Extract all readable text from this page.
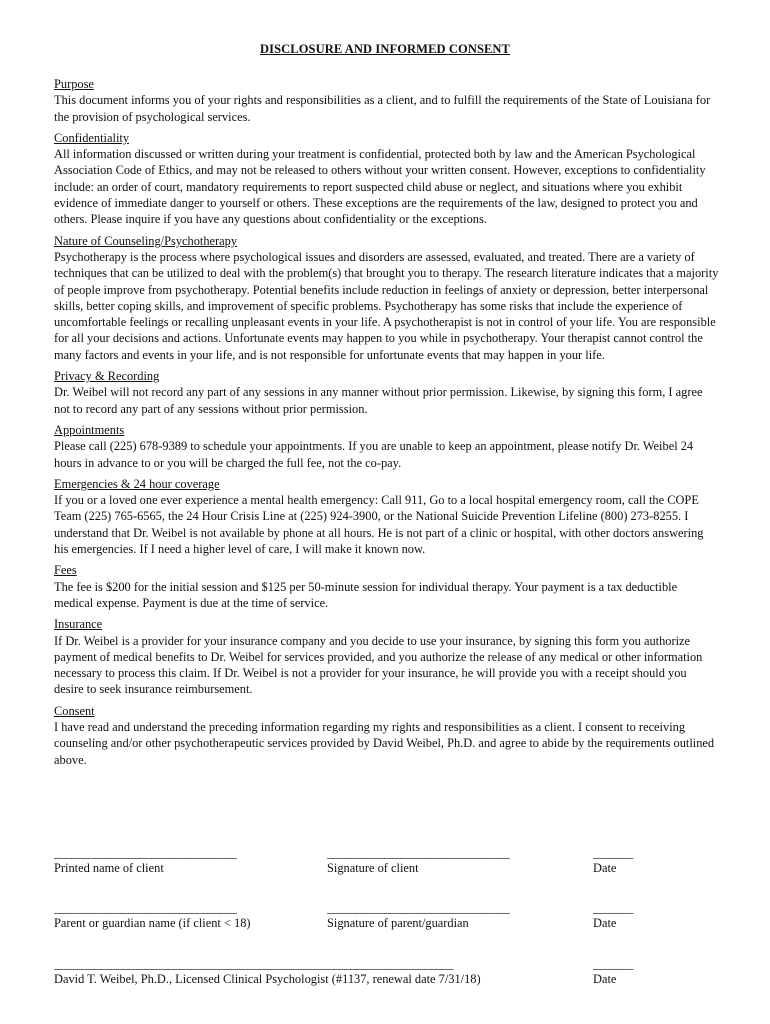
DISCLOSURE AND INFORMED CONSENT
Purpose
This document informs you of your rights and responsibilities as a client, and to fulfill the requirements of the State of Louisiana for the provision of psychological services.
Confidentiality
All information discussed or written during your treatment is confidential, protected both by law and the American Psychological Association Code of Ethics, and may not be released to others without your written consent. However, exceptions to confidentiality include: an order of court, mandatory requirements to report suspected child abuse or neglect, and situations where you exhibit evidence of immediate danger to yourself or others. These exceptions are the requirements of the law, designed to protect you and others. Please inquire if you have any questions about confidentiality or the exceptions.
Nature of Counseling/Psychotherapy
Psychotherapy is the process where psychological issues and disorders are assessed, evaluated, and treated. There are a variety of techniques that can be utilized to deal with the problem(s) that brought you to therapy. The research literature indicates that a majority of people improve from psychotherapy. Potential benefits include reduction in feelings of anxiety or depression, better interpersonal skills, better coping skills, and improvement of specific problems. Psychotherapy has some risks that include the experience of uncomfortable feelings or recalling unpleasant events in your life. A psychotherapist is not in control of your life. You are responsible for all your decisions and actions. Unfortunate events may happen to you while in psychotherapy. Your therapist cannot control the many factors and events in your life, and is not responsible for unfortunate events that may happen in your life.
Privacy & Recording
Dr. Weibel will not record any part of any sessions in any manner without prior permission. Likewise, by signing this form, I agree not to record any part of any sessions without prior permission.
Appointments
Please call (225) 678-9389 to schedule your appointments. If you are unable to keep an appointment, please notify Dr. Weibel 24 hours in advance to or you will be charged the full fee, not the co-pay.
Emergencies & 24 hour coverage
If you or a loved one ever experience a mental health emergency: Call 911, Go to a local hospital emergency room, call the COPE Team (225) 765-6565, the 24 Hour Crisis Line at (225) 924-3900, or the National Suicide Prevention Lifeline (800) 273-8255. I understand that Dr. Weibel is not available by phone at all hours. He is not part of a clinic or hospital, with other doctors answering his emergencies. If I need a higher level of care, I will make it known now.
Fees
The fee is $200 for the initial session and $125 per 50-minute session for individual therapy. Your payment is a tax deductible medical expense. Payment is due at the time of service.
Insurance
If Dr. Weibel is a provider for your insurance company and you decide to use your insurance, by signing this form you authorize payment of medical benefits to Dr. Weibel for services provided, and you authorize the release of any medical or other information necessary to process this claim. If Dr. Weibel is not a provider for your insurance, he will provide you with a receipt should you desire to seek insurance reimbursement.
Consent
I have read and understand the preceding information regarding my rights and responsibilities as a client. I consent to receiving counseling and/or other psychotherapeutic services provided by David Weibel, Ph.D. and agree to abide by the requirements outlined above.
________________________________
Printed name of client
________________________________
Signature of client
_______
Date
________________________________
Parent or guardian name (if client < 18)
________________________________
Signature of parent/guardian
_______
Date
______________________________________________________________________
David T. Weibel, Ph.D., Licensed Clinical Psychologist (#1137, renewal date 7/31/18)
_______
Date
